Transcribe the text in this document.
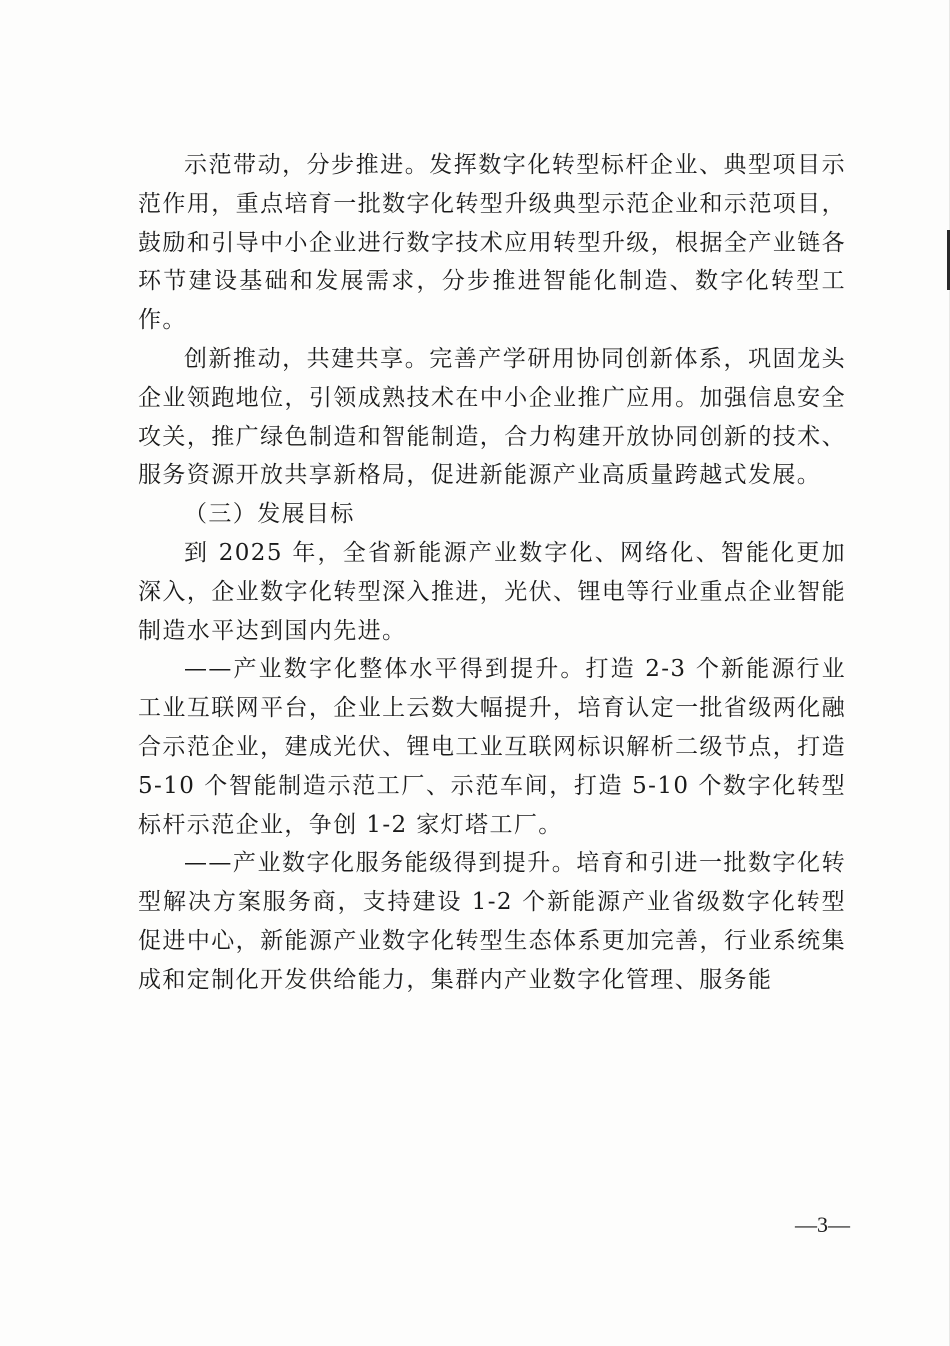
示范带动，分步推进。发挥数字化转型标杆企业、典型项目示范作用，重点培育一批数字化转型升级典型示范企业和示范项目，鼓励和引导中小企业进行数字技术应用转型升级，根据全产业链各环节建设基础和发展需求，分步推进智能化制造、数字化转型工作。

创新推动，共建共享。完善产学研用协同创新体系，巩固龙头企业领跑地位，引领成熟技术在中小企业推广应用。加强信息安全攻关，推广绿色制造和智能制造，合力构建开放协同创新的技术、服务资源开放共享新格局，促进新能源产业高质量跨越式发展。

（三）发展目标

到 2025 年，全省新能源产业数字化、网络化、智能化更加深入，企业数字化转型深入推进，光伏、锂电等行业重点企业智能制造水平达到国内先进。

——产业数字化整体水平得到提升。打造 2-3 个新能源行业工业互联网平台，企业上云数大幅提升，培育认定一批省级两化融合示范企业，建成光伏、锂电工业互联网标识解析二级节点，打造 5-10 个智能制造示范工厂、示范车间，打造 5-10 个数字化转型标杆示范企业，争创 1-2 家灯塔工厂。

——产业数字化服务能级得到提升。培育和引进一批数字化转型解决方案服务商，支持建设 1-2 个新能源产业省级数字化转型促进中心，新能源产业数字化转型生态体系更加完善，行业系统集成和定制化开发供给能力，集群内产业数字化管理、服务能

—3—
